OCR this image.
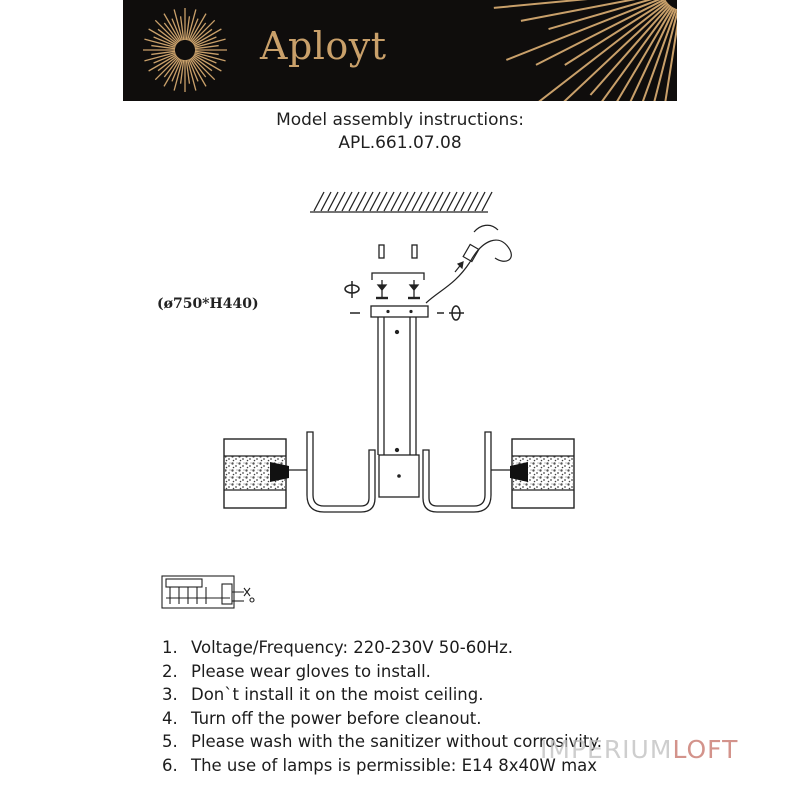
Aployt
Model assembly instructions:
APL.661.07.08
(ø750*H440)
1. Voltage/Frequency: 220-230V 50-60Hz.
2. Please wear gloves to install.
3. Don`t install it on the moist ceiling.
4. Turn off the power before cleanout.
5. Please wash with the sanitizer without corrosivity.
6. The use of lamps is permissible: E14 8x40W max
IMPERIUMLOFT
